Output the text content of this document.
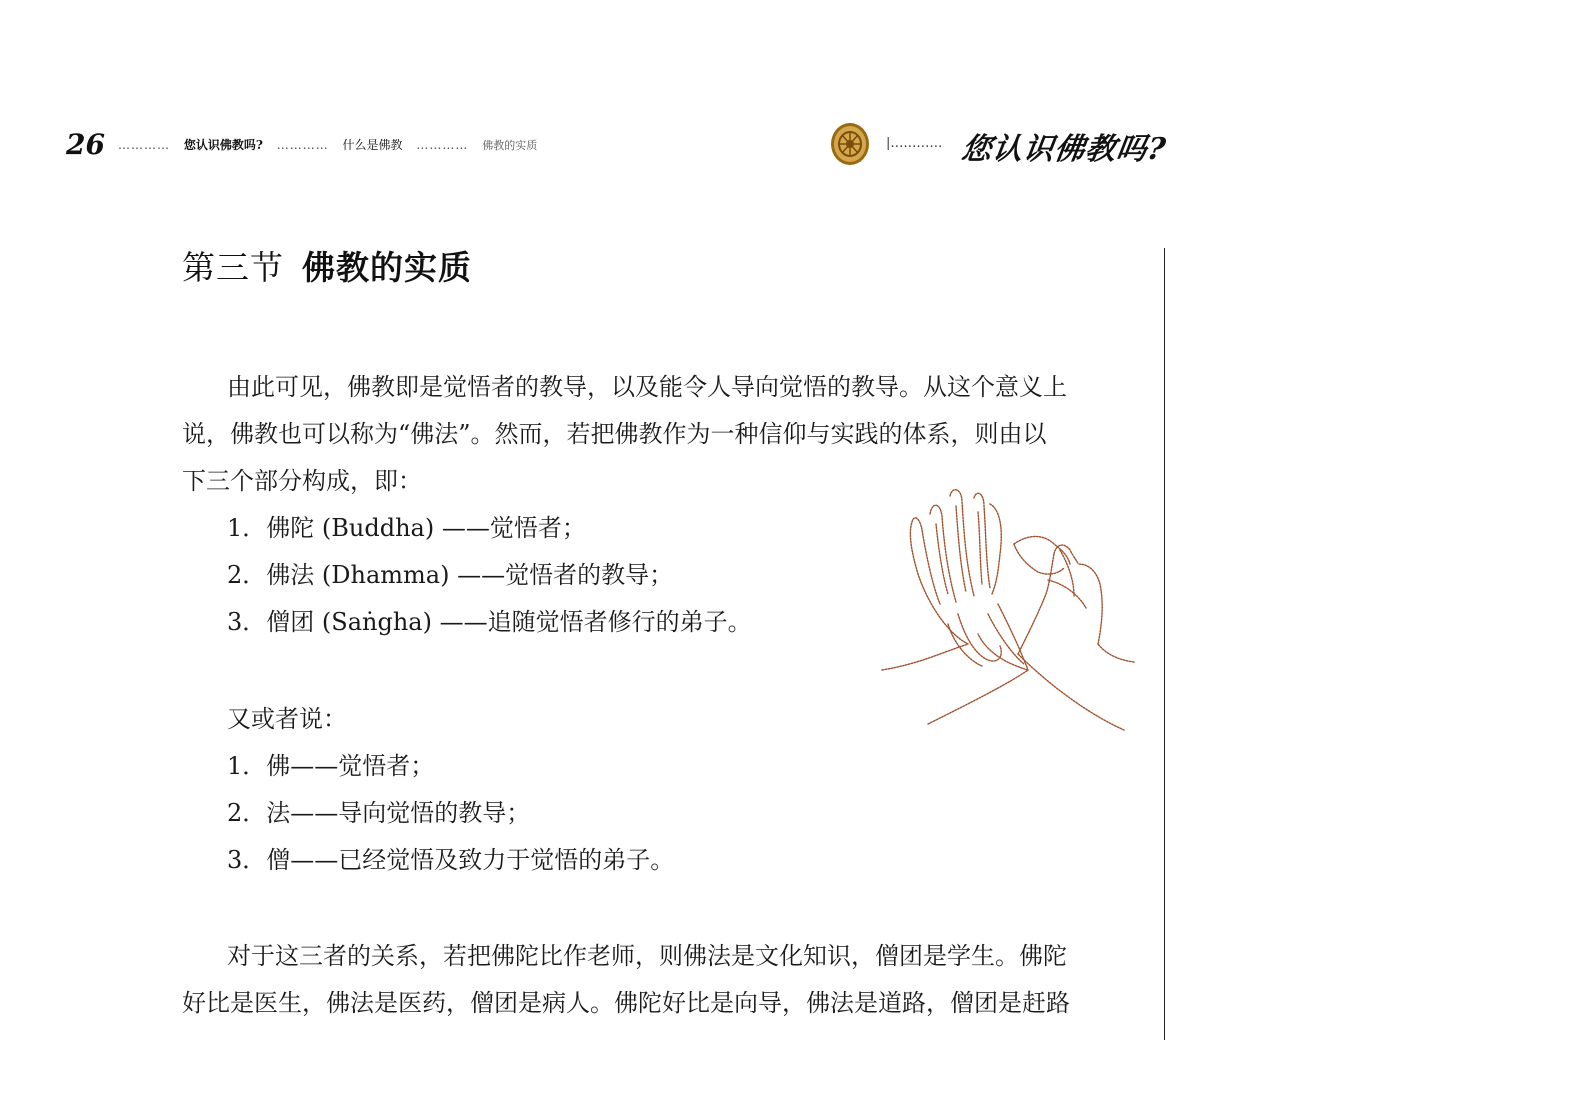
26	………… 您认识佛教吗? ………… 什么是佛教 ………… 佛教的实质	|………… 您认识佛教吗?
第三节 佛教的实质
由此可见，佛教即是觉悟者的教导，以及能令人导向觉悟的教导。从这个意义上
说，佛教也可以称为“佛法”。然而，若把佛教作为一种信仰与实践的体系，则由以
下三个部分构成，即：
1．佛陀 (Buddha) ——觉悟者；
2．佛法 (Dhamma) ——觉悟者的教导；
3．僧团 (Saṅgha) ——追随觉悟者修行的弟子。
又或者说：
1．佛——觉悟者；
2．法——导向觉悟的教导；
3．僧——已经觉悟及致力于觉悟的弟子。
对于这三者的关系，若把佛陀比作老师，则佛法是文化知识，僧团是学生。佛陀
好比是医生，佛法是医药，僧团是病人。佛陀好比是向导，佛法是道路，僧团是赶路
